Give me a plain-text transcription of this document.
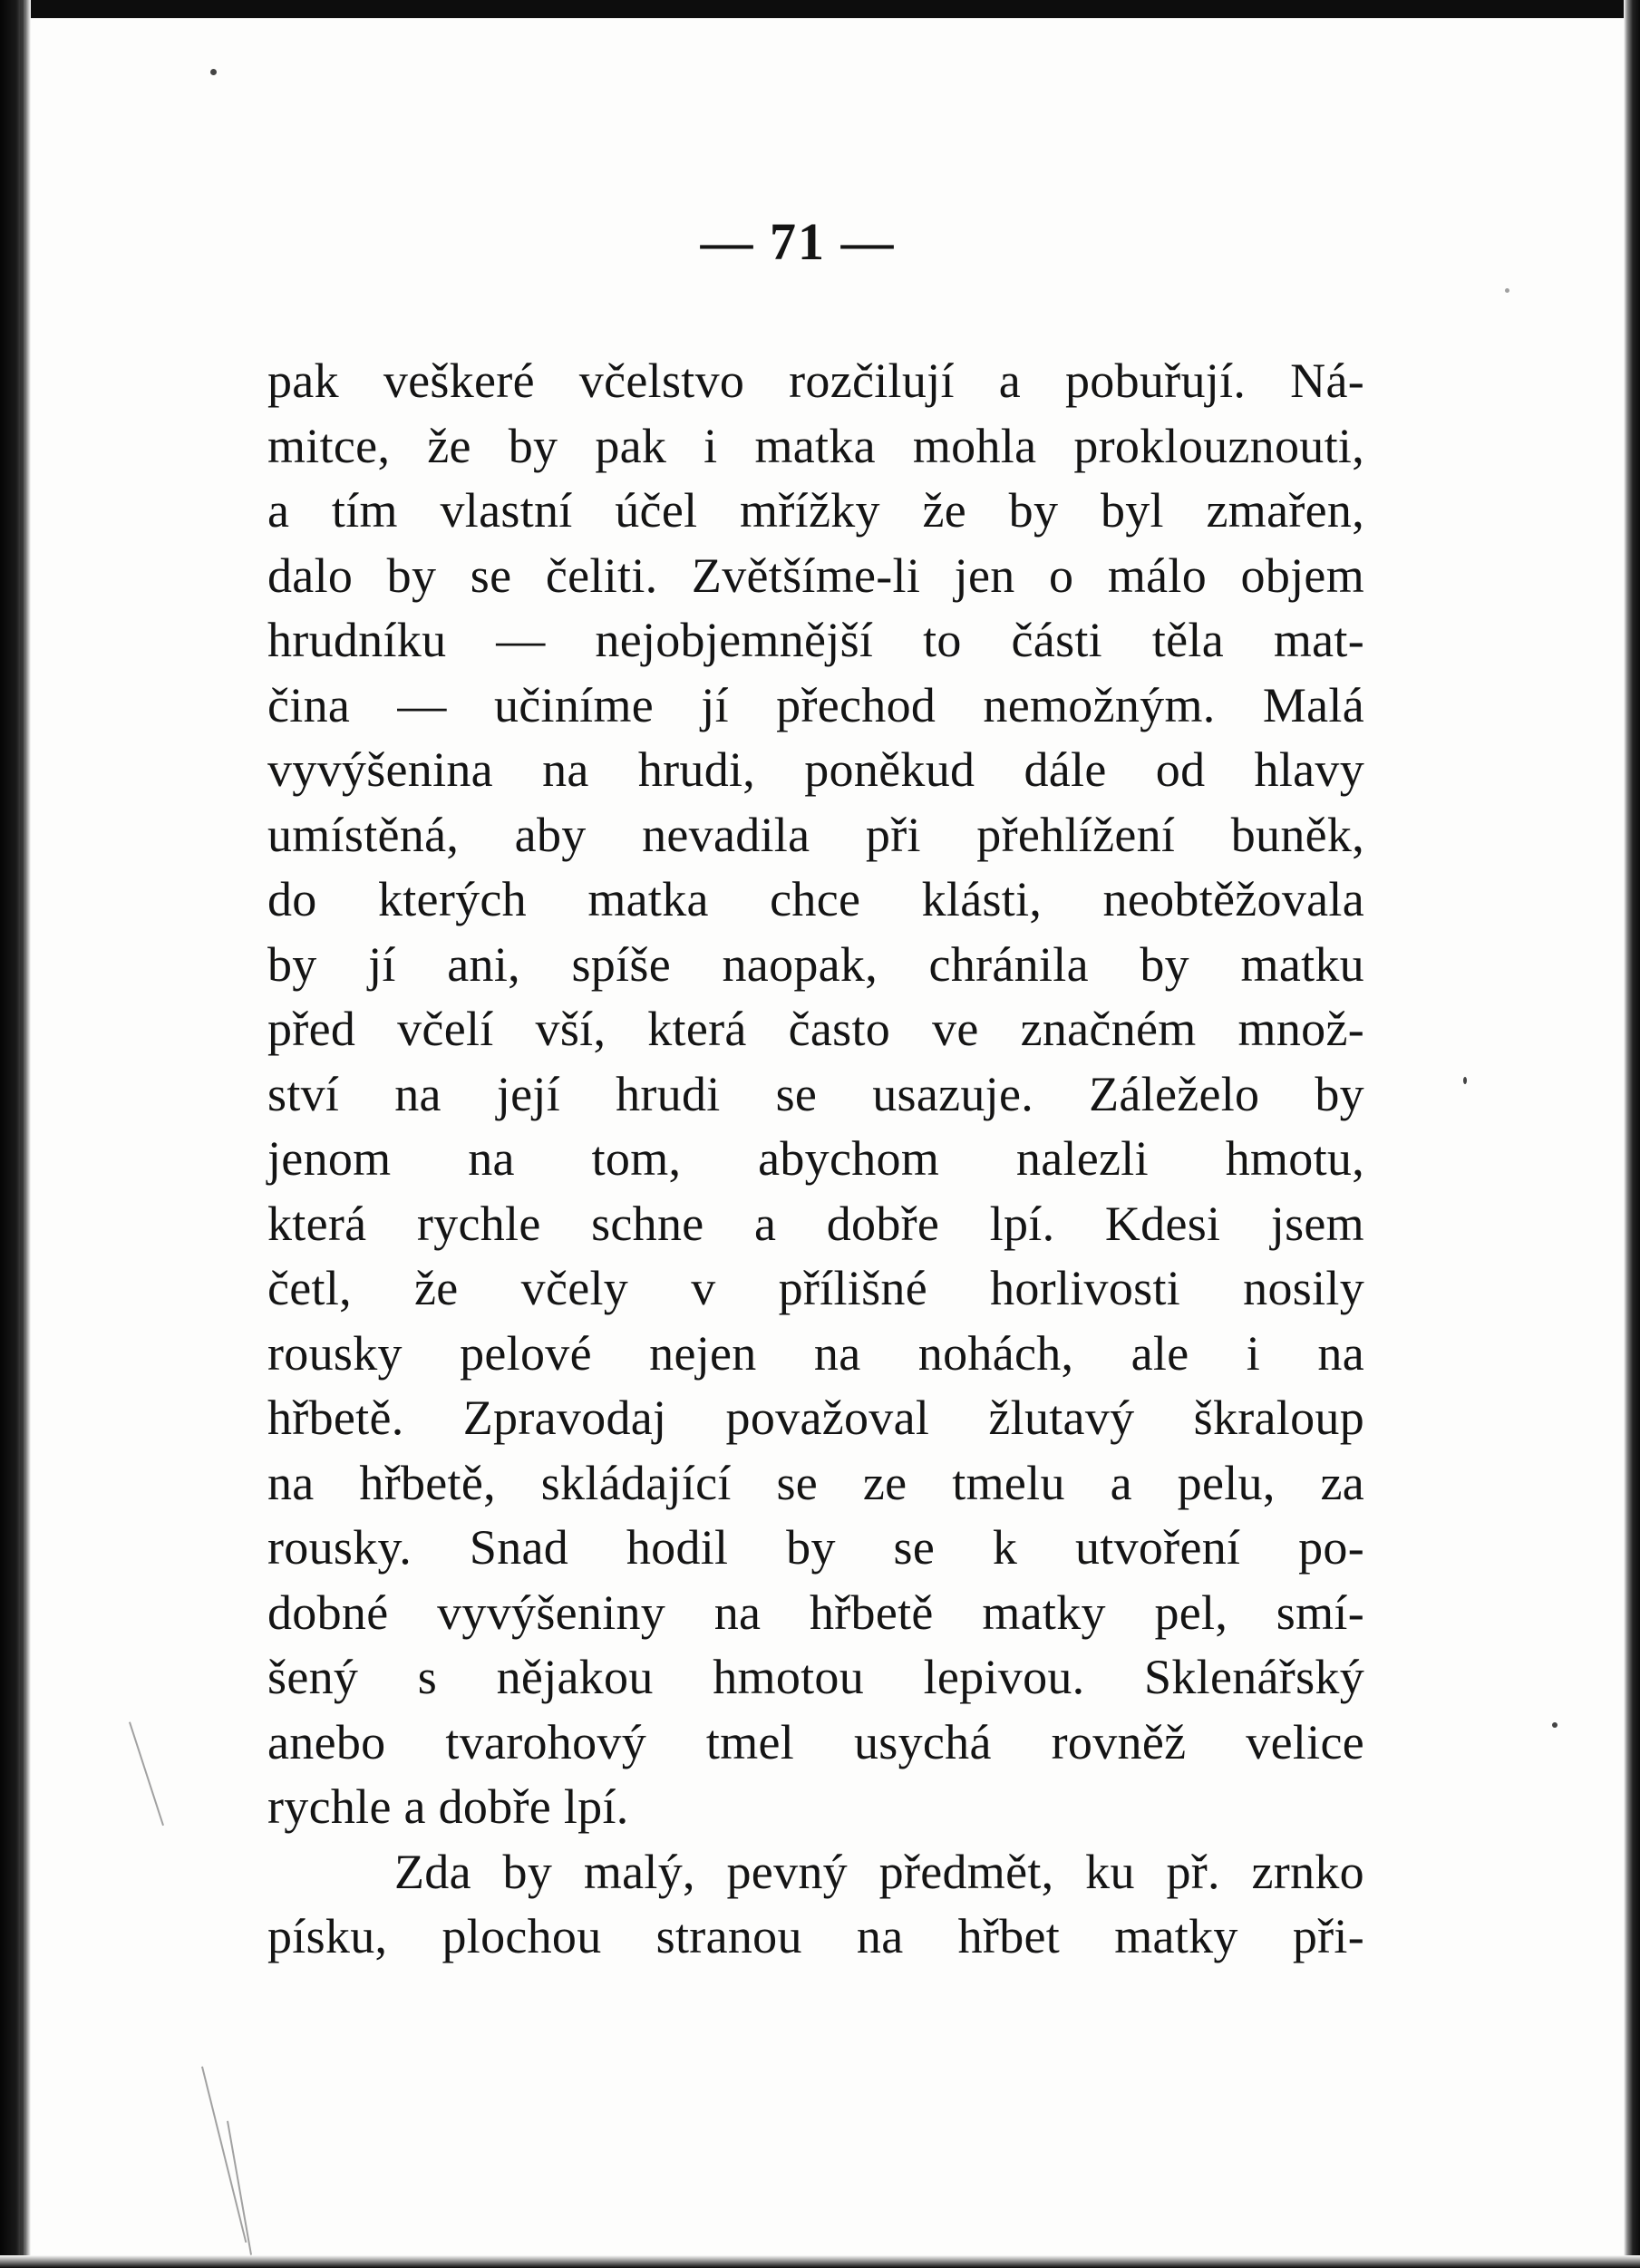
— 71 —
pak veškeré včelstvo rozčilují a pobuřují. Ná-
mitce, že by pak i matka mohla proklouznouti,
a tím vlastní účel mřížky že by byl zmařen,
dalo by se čeliti. Zvětšíme-li jen o málo objem
hrudníku — nejobjemnější to části těla mat-
čina — učiníme jí přechod nemožným. Malá
vyvýšenina na hrudi, poněkud dále od hlavy
umístěná, aby nevadila při přehlížení buněk,
do kterých matka chce klásti, neobtěžovala
by jí ani, spíše naopak, chránila by matku
před včelí vší, která často ve značném množ-
ství na její hrudi se usazuje. Záleželo by
jenom na tom, abychom nalezli hmotu,
která rychle schne a dobře lpí. Kdesi jsem
četl, že včely v přílišné horlivosti nosily
rousky pelové nejen na nohách, ale i na
hřbetě. Zpravodaj považoval žlutavý škraloup
na hřbetě, skládající se ze tmelu a pelu, za
rousky. Snad hodil by se k utvoření po-
dobné vyvýšeniny na hřbetě matky pel, smí-
šený s nějakou hmotou lepivou. Sklenářský
anebo tvarohový tmel usychá rovněž velice
rychle a dobře lpí.
Zda by malý, pevný předmět, ku př. zrnko
písku, plochou stranou na hřbet matky při-
